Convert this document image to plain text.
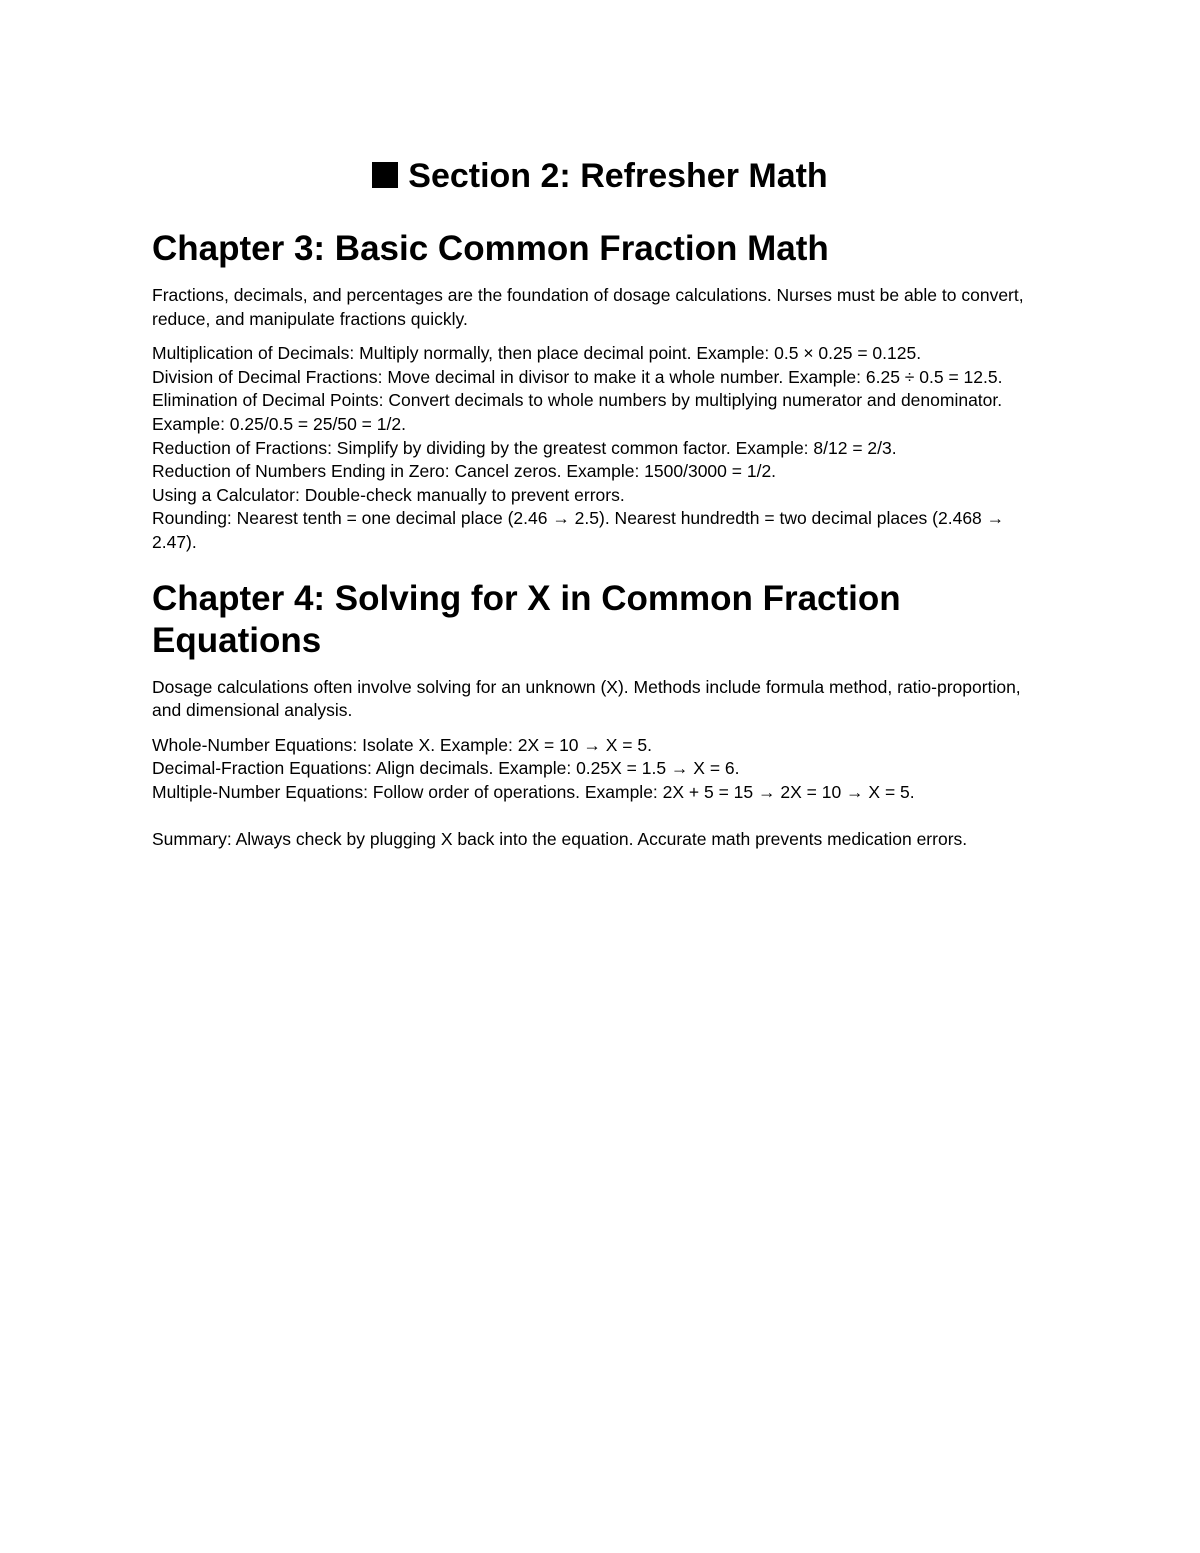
Section 2: Refresher Math
Chapter 3: Basic Common Fraction Math

Fractions, decimals, and percentages are the foundation of dosage calculations. Nurses must be able to convert, reduce, and manipulate fractions quickly.

Multiplication of Decimals: Multiply normally, then place decimal point. Example: 0.5 × 0.25 = 0.125.
Division of Decimal Fractions: Move decimal in divisor to make it a whole number. Example: 6.25 ÷ 0.5 = 12.5.
Elimination of Decimal Points: Convert decimals to whole numbers by multiplying numerator and denominator. Example: 0.25/0.5 = 25/50 = 1/2.
Reduction of Fractions: Simplify by dividing by the greatest common factor. Example: 8/12 = 2/3.
Reduction of Numbers Ending in Zero: Cancel zeros. Example: 1500/3000 = 1/2.
Using a Calculator: Double-check manually to prevent errors.
Rounding: Nearest tenth = one decimal place (2.46 → 2.5). Nearest hundredth = two decimal places (2.468 → 2.47).
Chapter 4: Solving for X in Common Fraction Equations

Dosage calculations often involve solving for an unknown (X). Methods include formula method, ratio-proportion, and dimensional analysis.

Whole-Number Equations: Isolate X. Example: 2X = 10 → X = 5.
Decimal-Fraction Equations: Align decimals. Example: 0.25X = 1.5 → X = 6.
Multiple-Number Equations: Follow order of operations. Example: 2X + 5 = 15 → 2X = 10 → X = 5.

Summary: Always check by plugging X back into the equation. Accurate math prevents medication errors.
